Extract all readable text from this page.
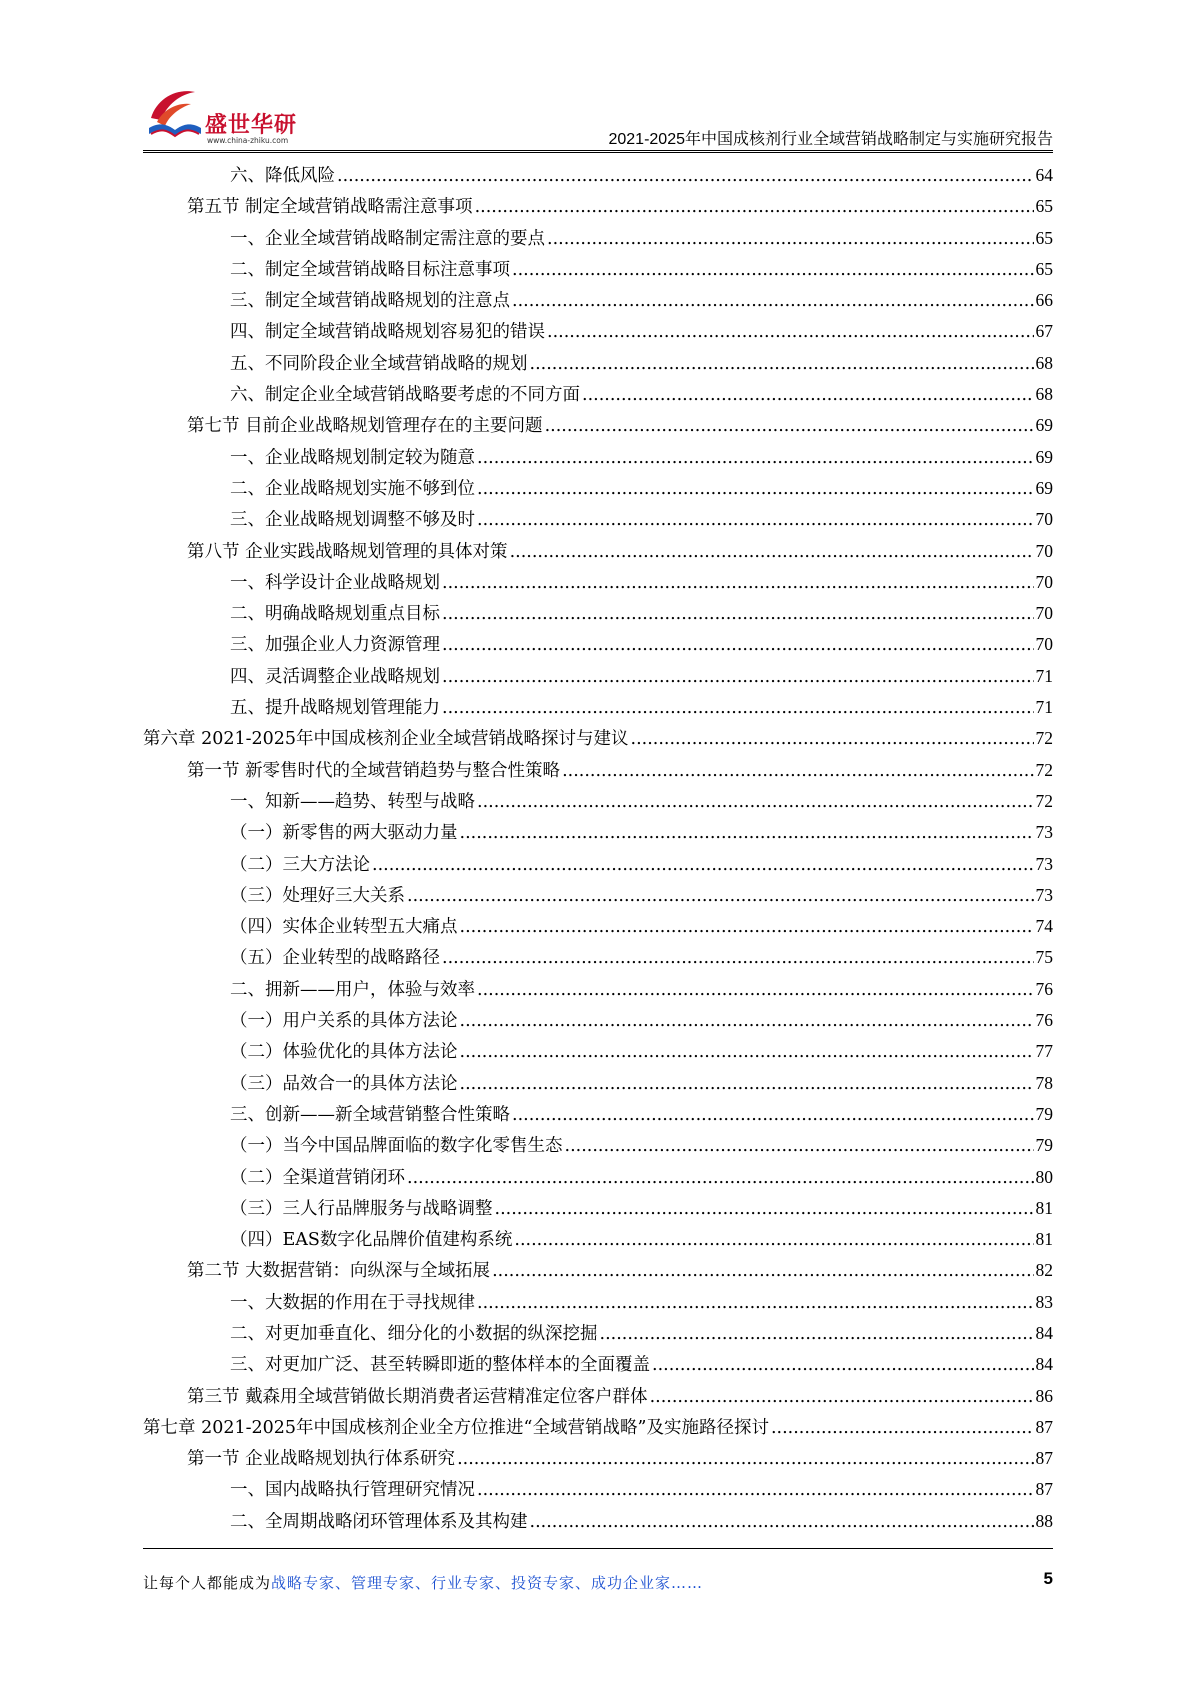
盛世华研
www.china-zhiku.com	2021-2025年中国成核剂行业全域营销战略制定与实施研究报告
六、降低风险 .....	64
第五节 制定全域营销战略需注意事项 .....	65
一、企业全域营销战略制定需注意的要点 .....	65
二、制定全域营销战略目标注意事项 .....	65
三、制定全域营销战略规划的注意点 .....	66
四、制定全域营销战略规划容易犯的错误 .....	67
五、不同阶段企业全域营销战略的规划 .....	68
六、制定企业全域营销战略要考虑的不同方面 .....	68
第七节 目前企业战略规划管理存在的主要问题 .....	69
一、企业战略规划制定较为随意 .....	69
二、企业战略规划实施不够到位 .....	69
三、企业战略规划调整不够及时 .....	70
第八节 企业实践战略规划管理的具体对策 .....	70
一、科学设计企业战略规划 .....	70
二、明确战略规划重点目标 .....	70
三、加强企业人力资源管理 .....	70
四、灵活调整企业战略规划 .....	71
五、提升战略规划管理能力 .....	71
第六章 2021-2025年中国成核剂企业全域营销战略探讨与建议 .....	72
第一节 新零售时代的全域营销趋势与整合性策略 .....	72
一、知新——趋势、转型与战略 .....	72
（一）新零售的两大驱动力量 .....	73
（二）三大方法论 .....	73
（三）处理好三大关系 .....	73
（四）实体企业转型五大痛点 .....	74
（五）企业转型的战略路径 .....	75
二、拥新——用户，体验与效率 .....	76
（一）用户关系的具体方法论 .....	76
（二）体验优化的具体方法论 .....	77
（三）品效合一的具体方法论 .....	78
三、创新——新全域营销整合性策略 .....	79
（一）当今中国品牌面临的数字化零售生态 .....	79
（二）全渠道营销闭环 .....	80
（三）三人行品牌服务与战略调整 .....	81
（四）EAS数字化品牌价值建构系统 .....	81
第二节 大数据营销：向纵深与全域拓展 .....	82
一、大数据的作用在于寻找规律 .....	83
二、对更加垂直化、细分化的小数据的纵深挖掘 .....	84
三、对更加广泛、甚至转瞬即逝的整体样本的全面覆盖 .....	84
第三节 戴森用全域营销做长期消费者运营精准定位客户群体 .....	86
第七章 2021-2025年中国成核剂企业全方位推进“全域营销战略”及实施路径探讨 .....	87
第一节 企业战略规划执行体系研究 .....	87
一、国内战略执行管理研究情况 .....	87
二、全周期战略闭环管理体系及其构建 .....	88
让每个人都能成为战略专家、管理专家、行业专家、投资专家、成功企业家……	5
